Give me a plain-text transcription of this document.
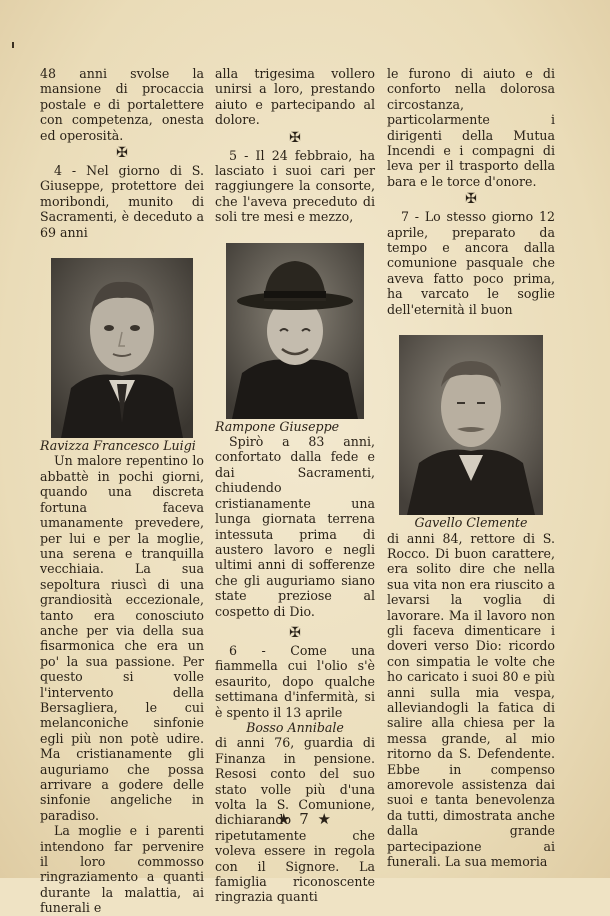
48 anni svolse la mansione di procaccia postale e di portalettere con competenza, onesta ed operosità.

✠

4 - Nel giorno di S. Giuseppe, protettore dei moribondi, munito di Sacramenti, è deceduto a 69 anni

Ravizza Francesco Luigi

Un malore repentino lo abbattè in pochi giorni, quando una discreta fortuna faceva umanamente prevedere, per lui e per la moglie, una serena e tranquilla vecchiaia. La sua sepoltura riuscì di una grandiosità eccezionale, tanto era conosciuto anche per via della sua fisarmonica che era un po' la sua passione. Per questo si volle l'intervento della Bersagliera, le cui melanconiche sinfonie egli più non potè udire. Ma cristianamente gli auguriamo che possa arrivare a godere delle sinfonie angeliche in paradiso.

La moglie e i parenti intendono far pervenire il loro commosso ringraziamento a quanti durante la malattia, ai funerali e

alla trigesima vollero unirsi a loro, prestando aiuto e partecipando al dolore.

✠

5 - Il 24 febbraio, ha lasciato i suoi cari per raggiungere la consorte, che l'aveva preceduto di soli tre mesi e mezzo,

Rampone Giuseppe

Spirò a 83 anni, confortato dalla fede e dai Sacramenti, chiudendo cristianamente una lunga giornata terrena intessuta prima di austero lavoro e negli ultimi anni di sofferenze che gli auguriamo siano state preziose al cospetto di Dio.

✠

6 - Come una fiammella cui l'olio s'è esaurito, dopo qualche settimana d'infermità, si è spento il 13 aprile

Bosso Annibale

di anni 76, guardia di Finanza in pensione. Resosi conto del suo stato volle più d'una volta la S. Comunione, dichiarando ripetutamente che voleva essere in regola con il Signore. La famiglia riconoscente ringrazia quanti

le furono di aiuto e di conforto nella dolorosa circostanza, particolarmente i dirigenti della Mutua Incendi e i compagni di leva per il trasporto della bara e le torce d'onore.

✠

7 - Lo stesso giorno 12 aprile, preparato da tempo e ancora dalla comunione pasquale che aveva fatto poco prima, ha varcato le soglie dell'eternità il buon

Gavello Clemente

di anni 84, rettore di S. Rocco. Di buon carattere, era solito dire che nella sua vita non era riuscito a levarsi la voglia di lavorare. Ma il lavoro non gli faceva dimenticare i doveri verso Dio: ricordo con simpatia le volte che ho caricato i suoi 80 e più anni sulla mia vespa, alleviandogli la fatica di salire alla chiesa per la messa grande, al mio ritorno da S. Defendente. Ebbe in compenso amorevole assistenza dai suoi e tanta benevolenza da tutti, dimostrata anche dalla grande partecipazione ai funerali. La sua memoria

★ 7 ★
